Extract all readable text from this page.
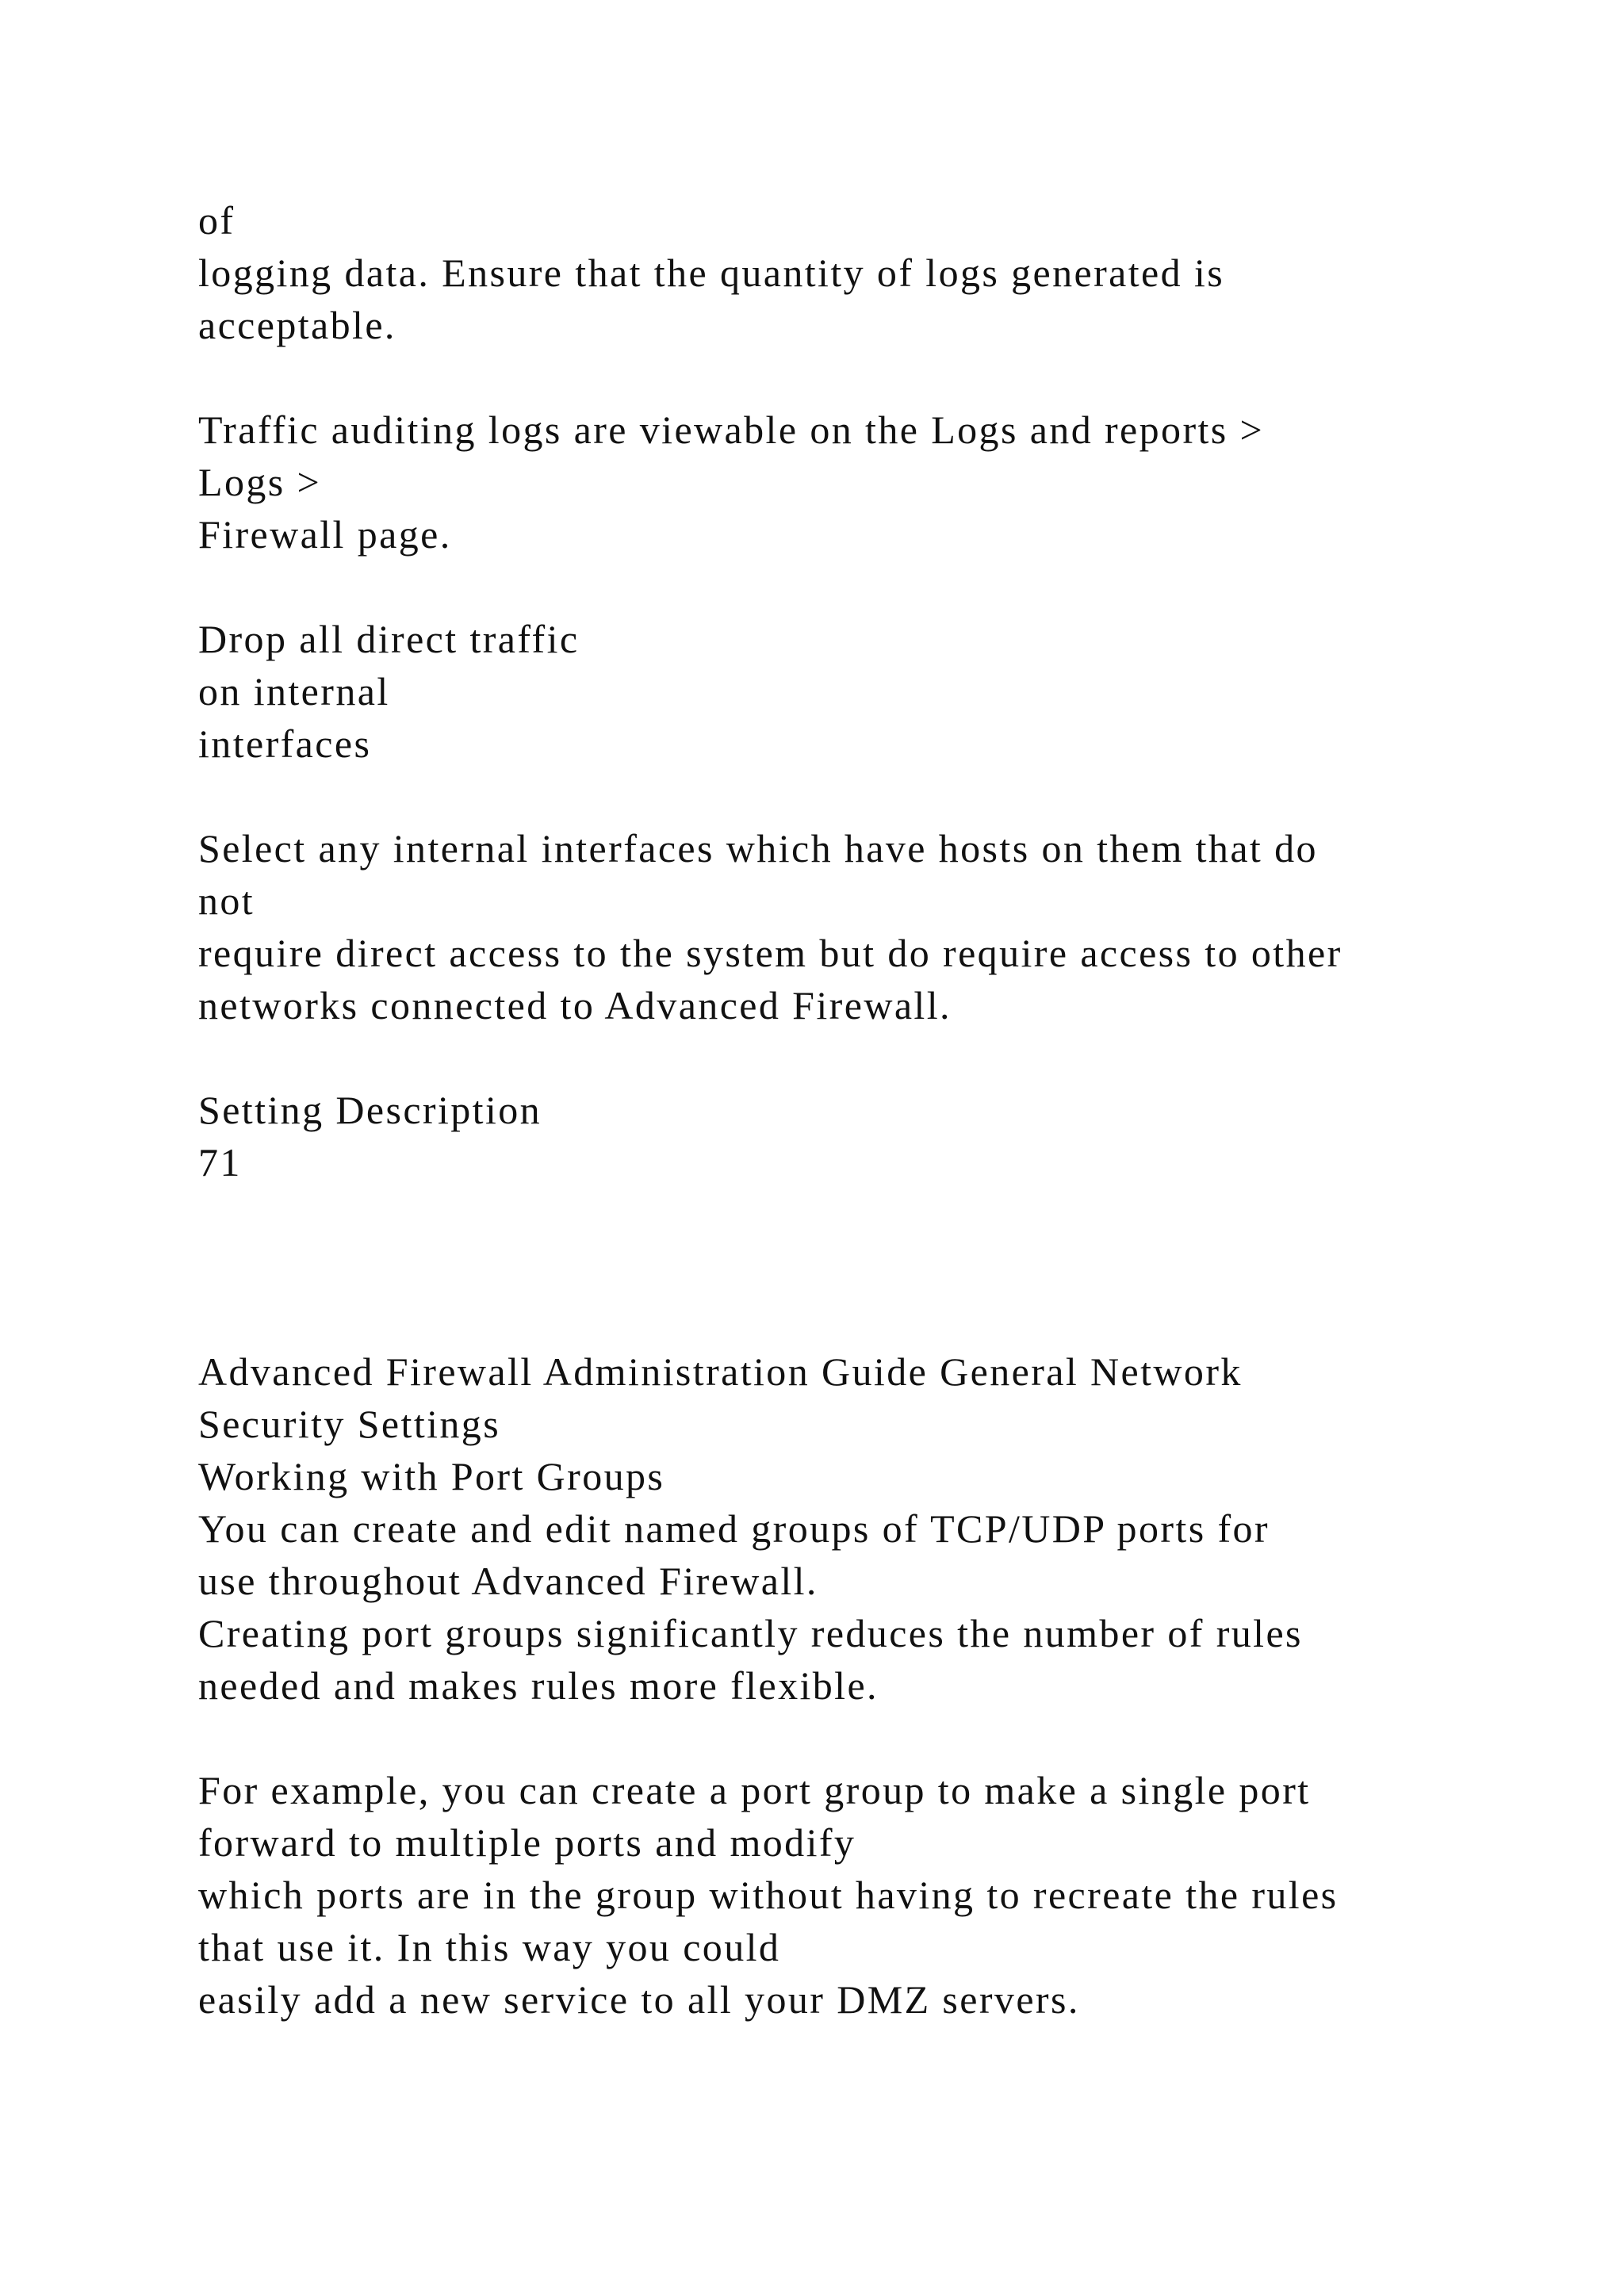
of
logging data. Ensure that the quantity of logs generated is
acceptable.
Traffic auditing logs are viewable on the Logs and reports >
Logs >
Firewall page.
Drop all direct traffic
on internal
interfaces
Select any internal interfaces which have hosts on them that do
not
require direct access to the system but do require access to other
networks connected to Advanced Firewall.
Setting Description
71
Advanced Firewall Administration Guide General Network
Security Settings
Working with Port Groups
You can create and edit named groups of TCP/UDP ports for
use throughout Advanced Firewall.
Creating port groups significantly reduces the number of rules
needed and makes rules more flexible.
For example, you can create a port group to make a single port
forward to multiple ports and modify
which ports are in the group without having to recreate the rules
that use it. In this way you could
easily add a new service to all your DMZ servers.
